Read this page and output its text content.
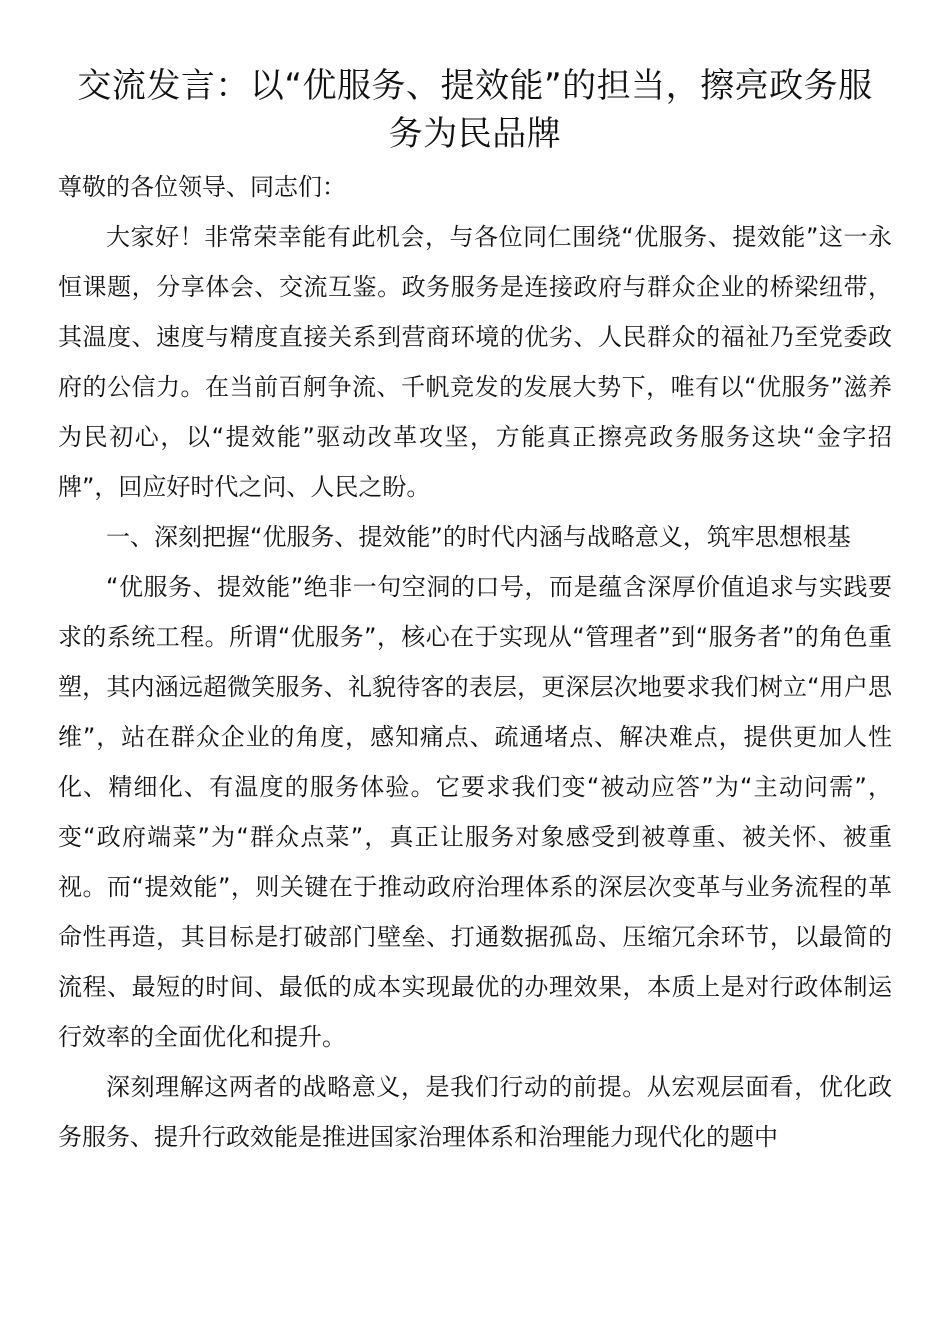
交流发言：以“优服务、提效能”的担当，擦亮政务服务为民品牌

尊敬的各位领导、同志们：

大家好！非常荣幸能有此机会，与各位同仁围绕“优服务、提效能”这一永恒课题，分享体会、交流互鉴。政务服务是连接政府与群众企业的桥梁纽带，其温度、速度与精度直接关系到营商环境的优劣、人民群众的福祉乃至党委政府的公信力。在当前百舸争流、千帆竞发的发展大势下，唯有以“优服务”滋养为民初心，以“提效能”驱动改革攻坚，方能真正擦亮政务服务这块“金字招牌”，回应好时代之问、人民之盼。

一、深刻把握“优服务、提效能”的时代内涵与战略意义，筑牢思想根基

“优服务、提效能”绝非一句空洞的口号，而是蕴含深厚价值追求与实践要求的系统工程。所谓“优服务”，核心在于实现从“管理者”到“服务者”的角色重塑，其内涵远超微笑服务、礼貌待客的表层，更深层次地要求我们树立“用户思维”，站在群众企业的角度，感知痛点、疏通堵点、解决难点，提供更加人性化、精细化、有温度的服务体验。它要求我们变“被动应答”为“主动问需”，变“政府端菜”为“群众点菜”，真正让服务对象感受到被尊重、被关怀、被重视。而“提效能”，则关键在于推动政府治理体系的深层次变革与业务流程的革命性再造，其目标是打破部门壁垒、打通数据孤岛、压缩冗余环节，以最简的流程、最短的时间、最低的成本实现最优的办理效果，本质上是对行政体制运行效率的全面优化和提升。

深刻理解这两者的战略意义，是我们行动的前提。从宏观层面看，优化政务服务、提升行政效能是推进国家治理体系和治理能力现代化的题中
